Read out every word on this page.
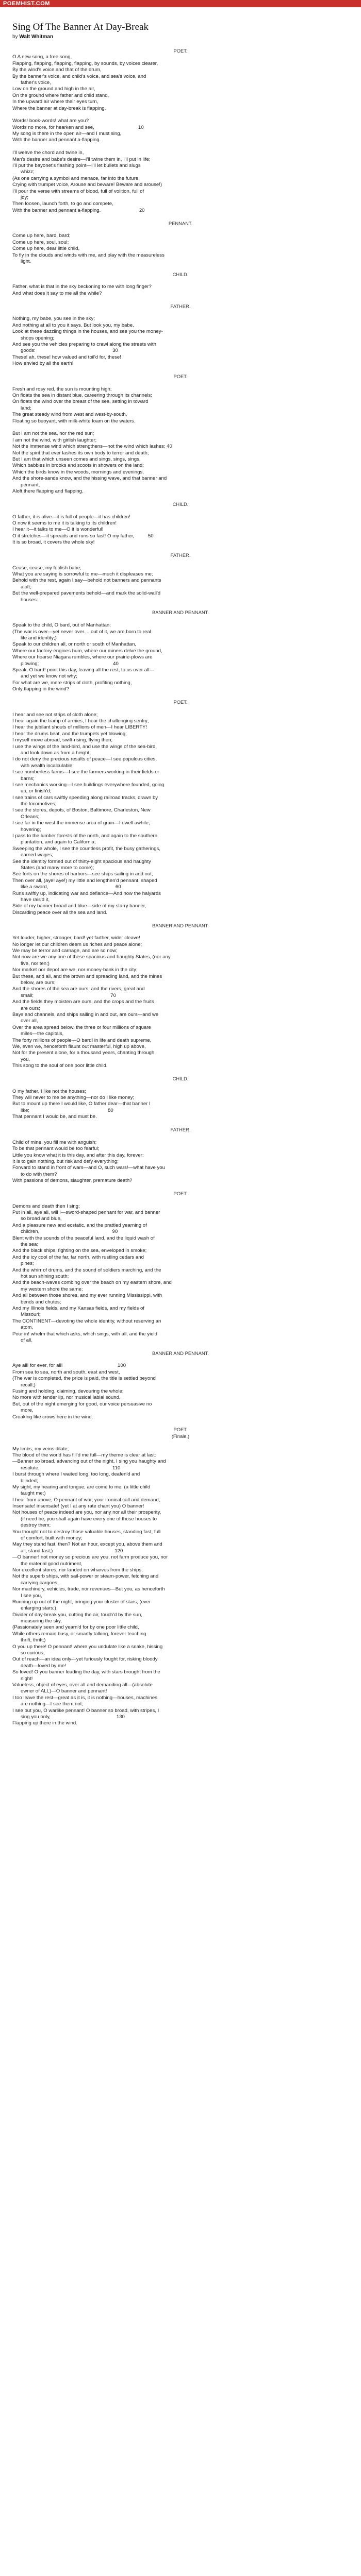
POEMHIST.COM
Sing Of The Banner At Day-Break
by Walt Whitman
POET.
O A new song, a free song,
Flapping, flapping, flapping, flapping, by sounds, by voices clearer,
By the wind's voice and that of the drum,
By the banner's voice, and child's voice, and sea's voice, and
father's voice,
Low on the ground and high in the air,
On the ground where father and child stand,
In the upward air where their eyes turn,
Where the banner at day-break is flapping.
Words! book-words! what are you?
Words no more, for hearken and see,                                10
My song is there in the open air—and I must sing,
With the banner and pennant a-flapping.
I'll weave the chord and twine in,
Man's desire and babe's desire—I'll twine them in, I'll put in life;
I'll put the bayonet's flashing point—I'll let bullets and slugs
whizz;
(As one carrying a symbol and menace, far into the future,
Crying with trumpet voice, Arouse and beware! Beware and arouse!)
I'll pour the verse with streams of blood, full of volition, full of
joy;
Then loosen, launch forth, to go and compete,
With the banner and pennant a-flapping.                            20
PENNANT.
Come up here, bard, bard;
Come up here, soul, soul;
Come up here, dear little child,
To fly in the clouds and winds with me, and play with the measureless
light.
CHILD.
Father, what is that in the sky beckoning to me with long finger?
And what does it say to me all the while?
FATHER.
Nothing, my babe, you see in the sky;
And nothing at all to you it says. But look you, my babe,
Look at these dazzling things in the houses, and see you the money-
shops opening;
And see you the vehicles preparing to crawl along the streets with
goods:                                                        30
These! ah, these! how valued and toil'd for, these!
How envied by all the earth!
POET.
Fresh and rosy red, the sun is mounting high;
On floats the sea in distant blue, careering through its channels;
On floats the wind over the breast of the sea, setting in toward
land;
The great steady wind from west and west-by-south,
Floating so buoyant, with milk-white foam on the waters.
But I am not the sea, nor the red sun;
I am not the wind, with girlish laughter;
Not the immense wind which strengthens—not the wind which lashes; 40
Not the spirit that ever lashes its own body to terror and death;
But I am that which unseen comes and sings, sings, sings,
Which babbles in brooks and scoots in showers on the land;
Which the birds know in the woods, mornings and evenings,
And the shore-sands know, and the hissing wave, and that banner and
pennant,
Aloft there flapping and flapping.
CHILD.
O father, it is alive—it is full of people—it has children!
O now it seems to me it is talking to its children!
I hear it—it talks to me—O it is wonderful!
O it stretches—it spreads and runs so fast! O my father,          50
It is so broad, it covers the whole sky!
FATHER.
Cease, cease, my foolish babe,
What you are saying is sorrowful to me—much it displeases me;
Behold with the rest, again I say—behold not banners and pennants
aloft;
But the well-prepared pavements behold—and mark the solid-wall'd
houses.
BANNER AND PENNANT.
Speak to the child, O bard, out of Manhattan;
(The war is over—yet never over.... out of it, we are born to real
life and identity;)
Speak to our children all, or north or south of Manhattan,
Where our factory-engines hum, where our miners delve the ground,
Where our hoarse Niagara rumbles, where our prairie-plows are
plowing;                                                      40
Speak, O bard! point this day, leaving all the rest, to us over all—
and yet we know not why;
For what are we, mere strips of cloth, profiting nothing,
Only flapping in the wind?
POET.
I hear and see not strips of cloth alone;
I hear again the tramp of armies, I hear the challenging sentry;
I hear the jubilant shouts of millions of men—I hear LIBERTY!
I hear the drums beat, and the trumpets yet blowing;
I myself move abroad, swift-rising, flying then;
I use the wings of the land-bird, and use the wings of the sea-bird,
and look down as from a height;
I do not deny the precious results of peace—I see populous cities,
with wealth incalculable;
I see numberless farms—I see the farmers working in their fields or
barns;
I see mechanics working—I see buildings everywhere founded, going
up, or finish'd;
I see trains of cars swiftly speeding along railroad tracks, drawn by
the locomotives;
I see the stores, depots, of Boston, Baltimore, Charleston, New
Orleans;
I see far in the west the immense area of grain—I dwell awhile,
hovering;
I pass to the lumber forests of the north, and again to the southern
plantation, and again to California;
Sweeping the whole, I see the countless profit, the busy gatherings,
earned wages;
See the identity formed out of thirty-eight spacious and haughty
States (and many more to come);
See forts on the shores of harbors—see ships sailing in and out;
Then over all, (aye! aye!) my little and lengthen'd pennant, shaped
like a sword,                                                 60
Runs swiftly up, indicating war and defiance—And now the halyards
have rais'd it,
Side of my banner broad and blue—side of my starry banner,
Discarding peace over all the sea and land.
BANNER AND PENNANT.
Yet louder, higher, stronger, bard! yet farther, wider cleave!
No longer let our children deem us riches and peace alone;
We may be terror and carnage, and are so now;
Not now are we any one of these spacious and haughty States, (nor any
five, nor ten;)
Nor market nor depot are we, nor money-bank in the city;
But these, and all, and the brown and spreading land, and the mines
below, are ours;
And the shores of the sea are ours, and the rivers, great and
small;                                                        70
And the fields they moisten are ours, and the crops and the fruits
are ours;
Bays and channels, and ships sailing in and out, are ours—and we
over all,
Over the area spread below, the three or four millions of square
miles—the capitals,
The forty millions of people—O bard! in life and death supreme,
We, even we, henceforth flaunt out masterful, high up above,
Not for the present alone, for a thousand years, chanting through
you,
This song to the soul of one poor little child.
CHILD.
O my father, I like not the houses;
They will never to me be anything—nor do I like money;
But to mount up there I would like, O father dear—that banner I
like;                                                         80
That pennant I would be, and must be.
FATHER.
Child of mine, you fill me with anguish;
To be that pennant would be too fearful;
Little you know what it is this day, and after this day, forever;
It is to gain nothing, but risk and defy everything;
Forward to stand in front of wars—and O, such wars!—what have you
to do with them?
With passions of demons, slaughter, premature death?
POET.
Demons and death then I sing;
Put in all, aye all, will I—sword-shaped pennant for war, and banner
so broad and blue,
And a pleasure new and ecstatic, and the prattled yearning of
children,                                                     90
Blent with the sounds of the peaceful land, and the liquid wash of
the sea;
And the black ships, fighting on the sea, enveloped in smoke;
And the icy cool of the far, far north, with rustling cedars and
pines;
And the whirr of drums, and the sound of soldiers marching, and the
hot sun shining south;
And the beach-waves combing over the beach on my eastern shore, and
my western shore the same;
And all between those shores, and my ever running Mississippi, with
bends and chutes;
And my Illinois fields, and my Kansas fields, and my fields of
Missouri;
The CONTINENT—devoting the whole identity, without reserving an
atom,
Pour in! whelm that which asks, which sings, with all, and the yield
of all.
BANNER AND PENNANT.
Aye all! for ever, for all!                                        100
From sea to sea, north and south, east and west,
(The war is completed, the price is paid, the title is settled beyond
recall;)
Fusing and holding, claiming, devouring the whole;
No more with tender lip, nor musical labial sound,
But, out of the night emerging for good, our voice persuasive no
more,
Croaking like crows here in the wind.
POET.
(Finale.)
My limbs, my veins dilate;
The blood of the world has fill'd me full—my theme is clear at last:
—Banner so broad, advancing out of the night, I sing you haughty and
resolute;                                                     110
I burst through where I waited long, too long, deafen'd and
blinded;
My sight, my hearing and tongue, are come to me, (a little child
taught me;)
I hear from above, O pennant of war, your ironical call and demand;
Insensate! insensate! (yet I at any rate chant you) O banner!
Not houses of peace indeed are you, nor any nor all their prosperity,
(if need be, you shall again have every one of those houses to
destroy them;
You thought not to destroy those valuable houses, standing fast, full
of comfort, built with money;
May they stand fast, then? Not an hour, except you, above them and
all, stand fast;)                                             120
—O banner! not money so precious are you, not farm produce you, nor
the material good nutriment,
Nor excellent stores, nor landed on wharves from the ships;
Not the superb ships, with sail-power or steam-power, fetching and
carrying cargoes,
Nor machinery, vehicles, trade, nor revenues—But you, as henceforth
I see you,
Running up out of the night, bringing your cluster of stars, (ever-
enlarging stars;)
Divider of day-break you, cutting the air, touch'd by the sun,
measuring the sky,
(Passionately seen and yearn'd for by one poor little child,
While others remain busy, or smartly talking, forever teaching
thrift, thrift;)
O you up there! O pennant! where you undulate like a snake, hissing
so curious,
Out of reach—an idea only—yet furiously fought for, risking bloody
death—loved by me!
So loved! O you banner leading the day, with stars brought from the
night!
Valueless, object of eyes, over all and demanding all—(absolute
owner of ALL)—O banner and pennant!
I too leave the rest—great as it is, it is nothing—houses, machines
are nothing—I see them not;
I see but you, O warlike pennant! O banner so broad, with stripes, I
sing you only,                                                130
Flapping up there in the wind.
